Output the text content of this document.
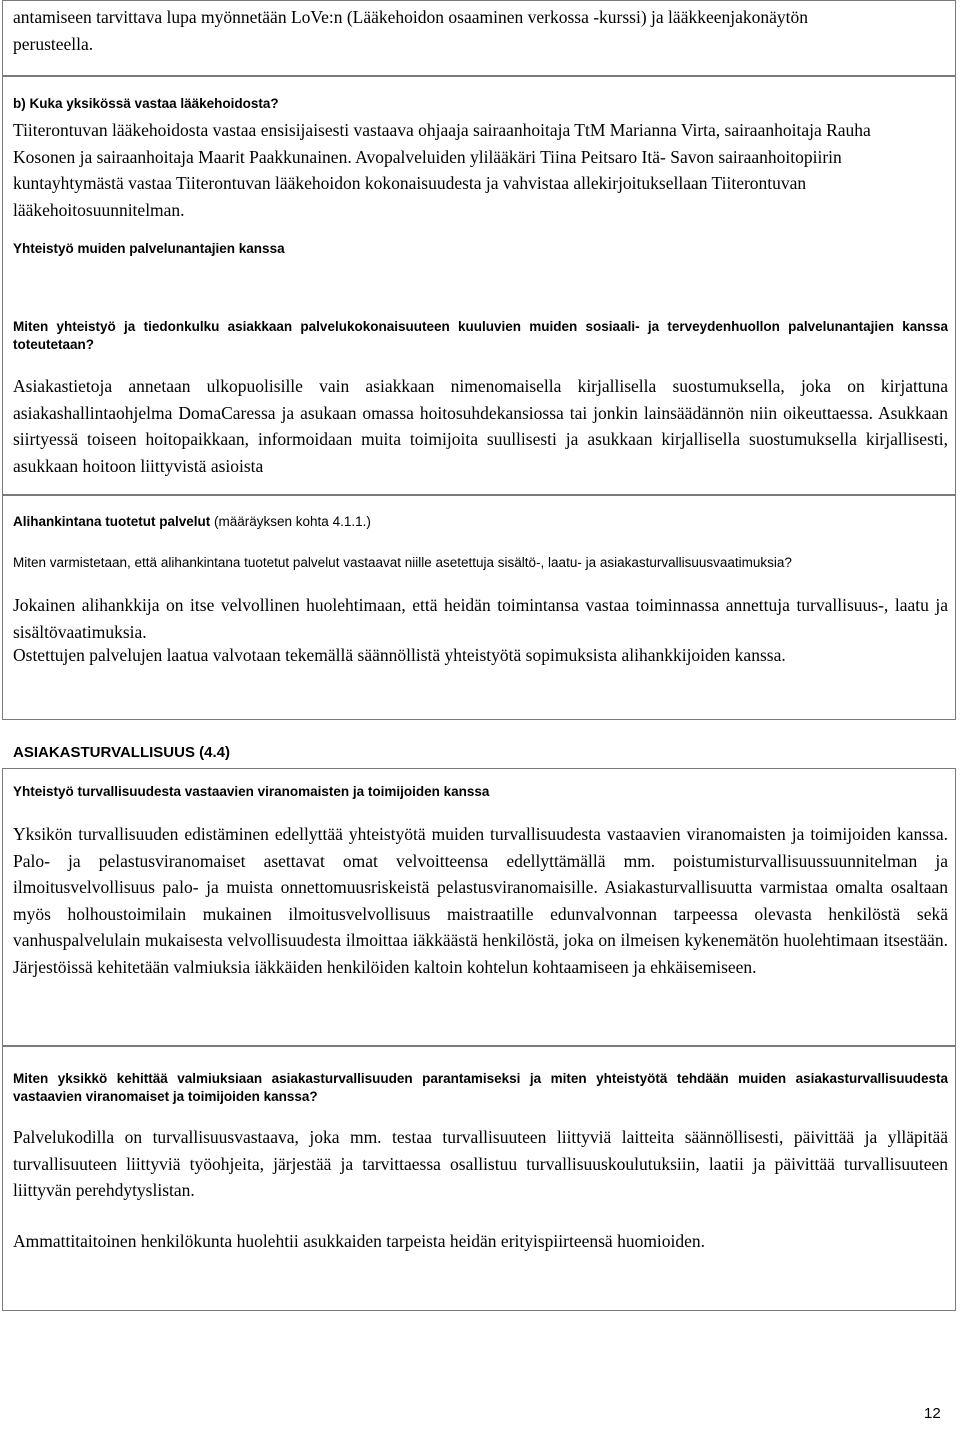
antamiseen tarvittava lupa myönnetään LoVe:n (Lääkehoidon osaaminen verkossa -kurssi) ja lääkkeenjakonäytön perusteella.

b) Kuka yksikössä vastaa lääkehoidosta?

Tiiterontuvan lääkehoidosta vastaa ensisijaisesti vastaava ohjaaja sairaanhoitaja TtM Marianna Virta, sairaanhoitaja Rauha Kosonen ja sairaanhoitaja Maarit Paakkunainen. Avopalveluiden ylilääkäri Tiina Peitsaro Itä- Savon sairaanhoitopiirin kuntayhtymästä vastaa Tiiterontuvan lääkehoidon kokonaisuudesta ja vahvistaa allekirjoituksellaan Tiiterontuvan lääkehoitosuunnitelman.

Yhteistyö muiden palvelunantajien kanssa

Miten yhteistyö ja tiedonkulku asiakkaan palvelukokonaisuuteen kuuluvien muiden sosiaali- ja terveydenhuollon palvelunantajien kanssa toteutetaan?

Asiakastietoja annetaan ulkopuolisille vain asiakkaan nimenomaisella kirjallisella suostumuksella, joka on kirjattuna asiakashallintaohjelma DomaCaressa ja asukaan omassa hoitosuhdekansiossa tai jonkin lainsäädännön niin oikeuttaessa. Asukkaan siirtyessä toiseen hoitopaikkaan, informoidaan muita toimijoita suullisesti ja asukkaan kirjallisella suostumuksella kirjallisesti, asukkaan hoitoon liittyvistä asioista

Alihankintana tuotetut palvelut (määräyksen kohta 4.1.1.)

Miten varmistetaan, että alihankintana tuotetut palvelut vastaavat niille asetettuja sisältö-, laatu- ja asiakasturvallisuusvaatimuksia?

Jokainen alihankkija on itse velvollinen huolehtimaan, että heidän toimintansa vastaa toiminnassa annettuja turvallisuus-, laatu ja sisältövaatimuksia.

Ostettujen palvelujen laatua valvotaan tekemällä säännöllistä yhteistyötä sopimuksista alihankkijoiden kanssa.

ASIAKASTURVALLISUUS (4.4)

Yhteistyö turvallisuudesta vastaavien viranomaisten ja toimijoiden kanssa

Yksikön turvallisuuden edistäminen edellyttää yhteistyötä muiden turvallisuudesta vastaavien viranomaisten ja toimijoiden kanssa. Palo- ja pelastusviranomaiset asettavat omat velvoitteensa edellyttämällä mm. poistumisturvallisuussuunnitelman ja ilmoitusvelvollisuus palo- ja muista onnettomuusriskeistä pelastusviranomaisille. Asiakasturvallisuutta varmistaa omalta osaltaan myös holhoustoimilain mukainen ilmoitusvelvollisuus maistraatille edunvalvonnan tarpeessa olevasta henkilöstä sekä vanhuspalvelulain mukaisesta velvollisuudesta ilmoittaa iäkkäästä henkilöstä, joka on ilmeisen kykenemätön huolehtimaan itsestään. Järjestöissä kehitetään valmiuksia iäkkäiden henkilöiden kaltoin kohtelun kohtaamiseen ja ehkäisemiseen.

Miten yksikkö kehittää valmiuksiaan asiakasturvallisuuden parantamiseksi ja miten yhteistyötä tehdään muiden asiakasturvallisuudesta vastaavien viranomaiset ja toimijoiden kanssa?

Palvelukodilla on turvallisuusvastaava, joka mm. testaa turvallisuuteen liittyviä laitteita säännöllisesti, päivittää ja ylläpitää turvallisuuteen liittyviä työohjeita, järjestää ja tarvittaessa osallistuu turvallisuuskoulutuksiin, laatii ja päivittää turvallisuuteen liittyvän perehdytyslistan.

Ammattitaitoinen henkilökunta huolehtii asukkaiden tarpeista heidän erityispiirteensä huomioiden.

12
